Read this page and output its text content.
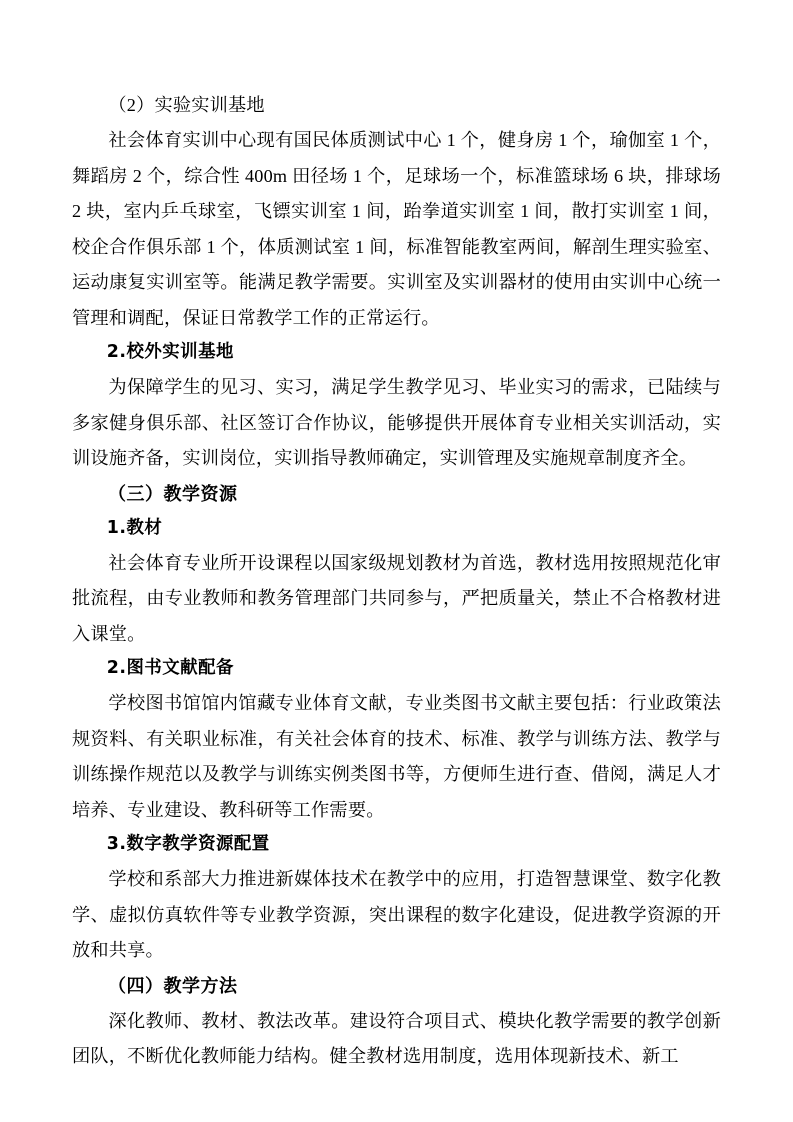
（2）实验实训基地

社会体育实训中心现有国民体质测试中心 1 个，健身房 1 个，瑜伽室 1 个，舞蹈房 2 个，综合性 400m 田径场 1 个，足球场一个，标准篮球场 6 块，排球场 2 块，室内乒乓球室，飞镖实训室 1 间，跆拳道实训室 1 间，散打实训室 1 间，校企合作俱乐部 1 个，体质测试室 1 间，标准智能教室两间，解剖生理实验室、运动康复实训室等。能满足教学需要。实训室及实训器材的使用由实训中心统一管理和调配，保证日常教学工作的正常运行。

2.校外实训基地

为保障学生的见习、实习，满足学生教学见习、毕业实习的需求，已陆续与多家健身俱乐部、社区签订合作协议，能够提供开展体育专业相关实训活动，实训设施齐备，实训岗位，实训指导教师确定，实训管理及实施规章制度齐全。

（三）教学资源

1.教材

社会体育专业所开设课程以国家级规划教材为首选，教材选用按照规范化审批流程，由专业教师和教务管理部门共同参与，严把质量关，禁止不合格教材进入课堂。

2.图书文献配备

学校图书馆馆内馆藏专业体育文献，专业类图书文献主要包括：行业政策法规资料、有关职业标准，有关社会体育的技术、标准、教学与训练方法、教学与训练操作规范以及教学与训练实例类图书等，方便师生进行查、借阅，满足人才培养、专业建设、教科研等工作需要。

3.数字教学资源配置

学校和系部大力推进新媒体技术在教学中的应用，打造智慧课堂、数字化教学、虚拟仿真软件等专业教学资源，突出课程的数字化建设，促进教学资源的开放和共享。

（四）教学方法

深化教师、教材、教法改革。建设符合项目式、模块化教学需要的教学创新团队，不断优化教师能力结构。健全教材选用制度，选用体现新技术、新工
